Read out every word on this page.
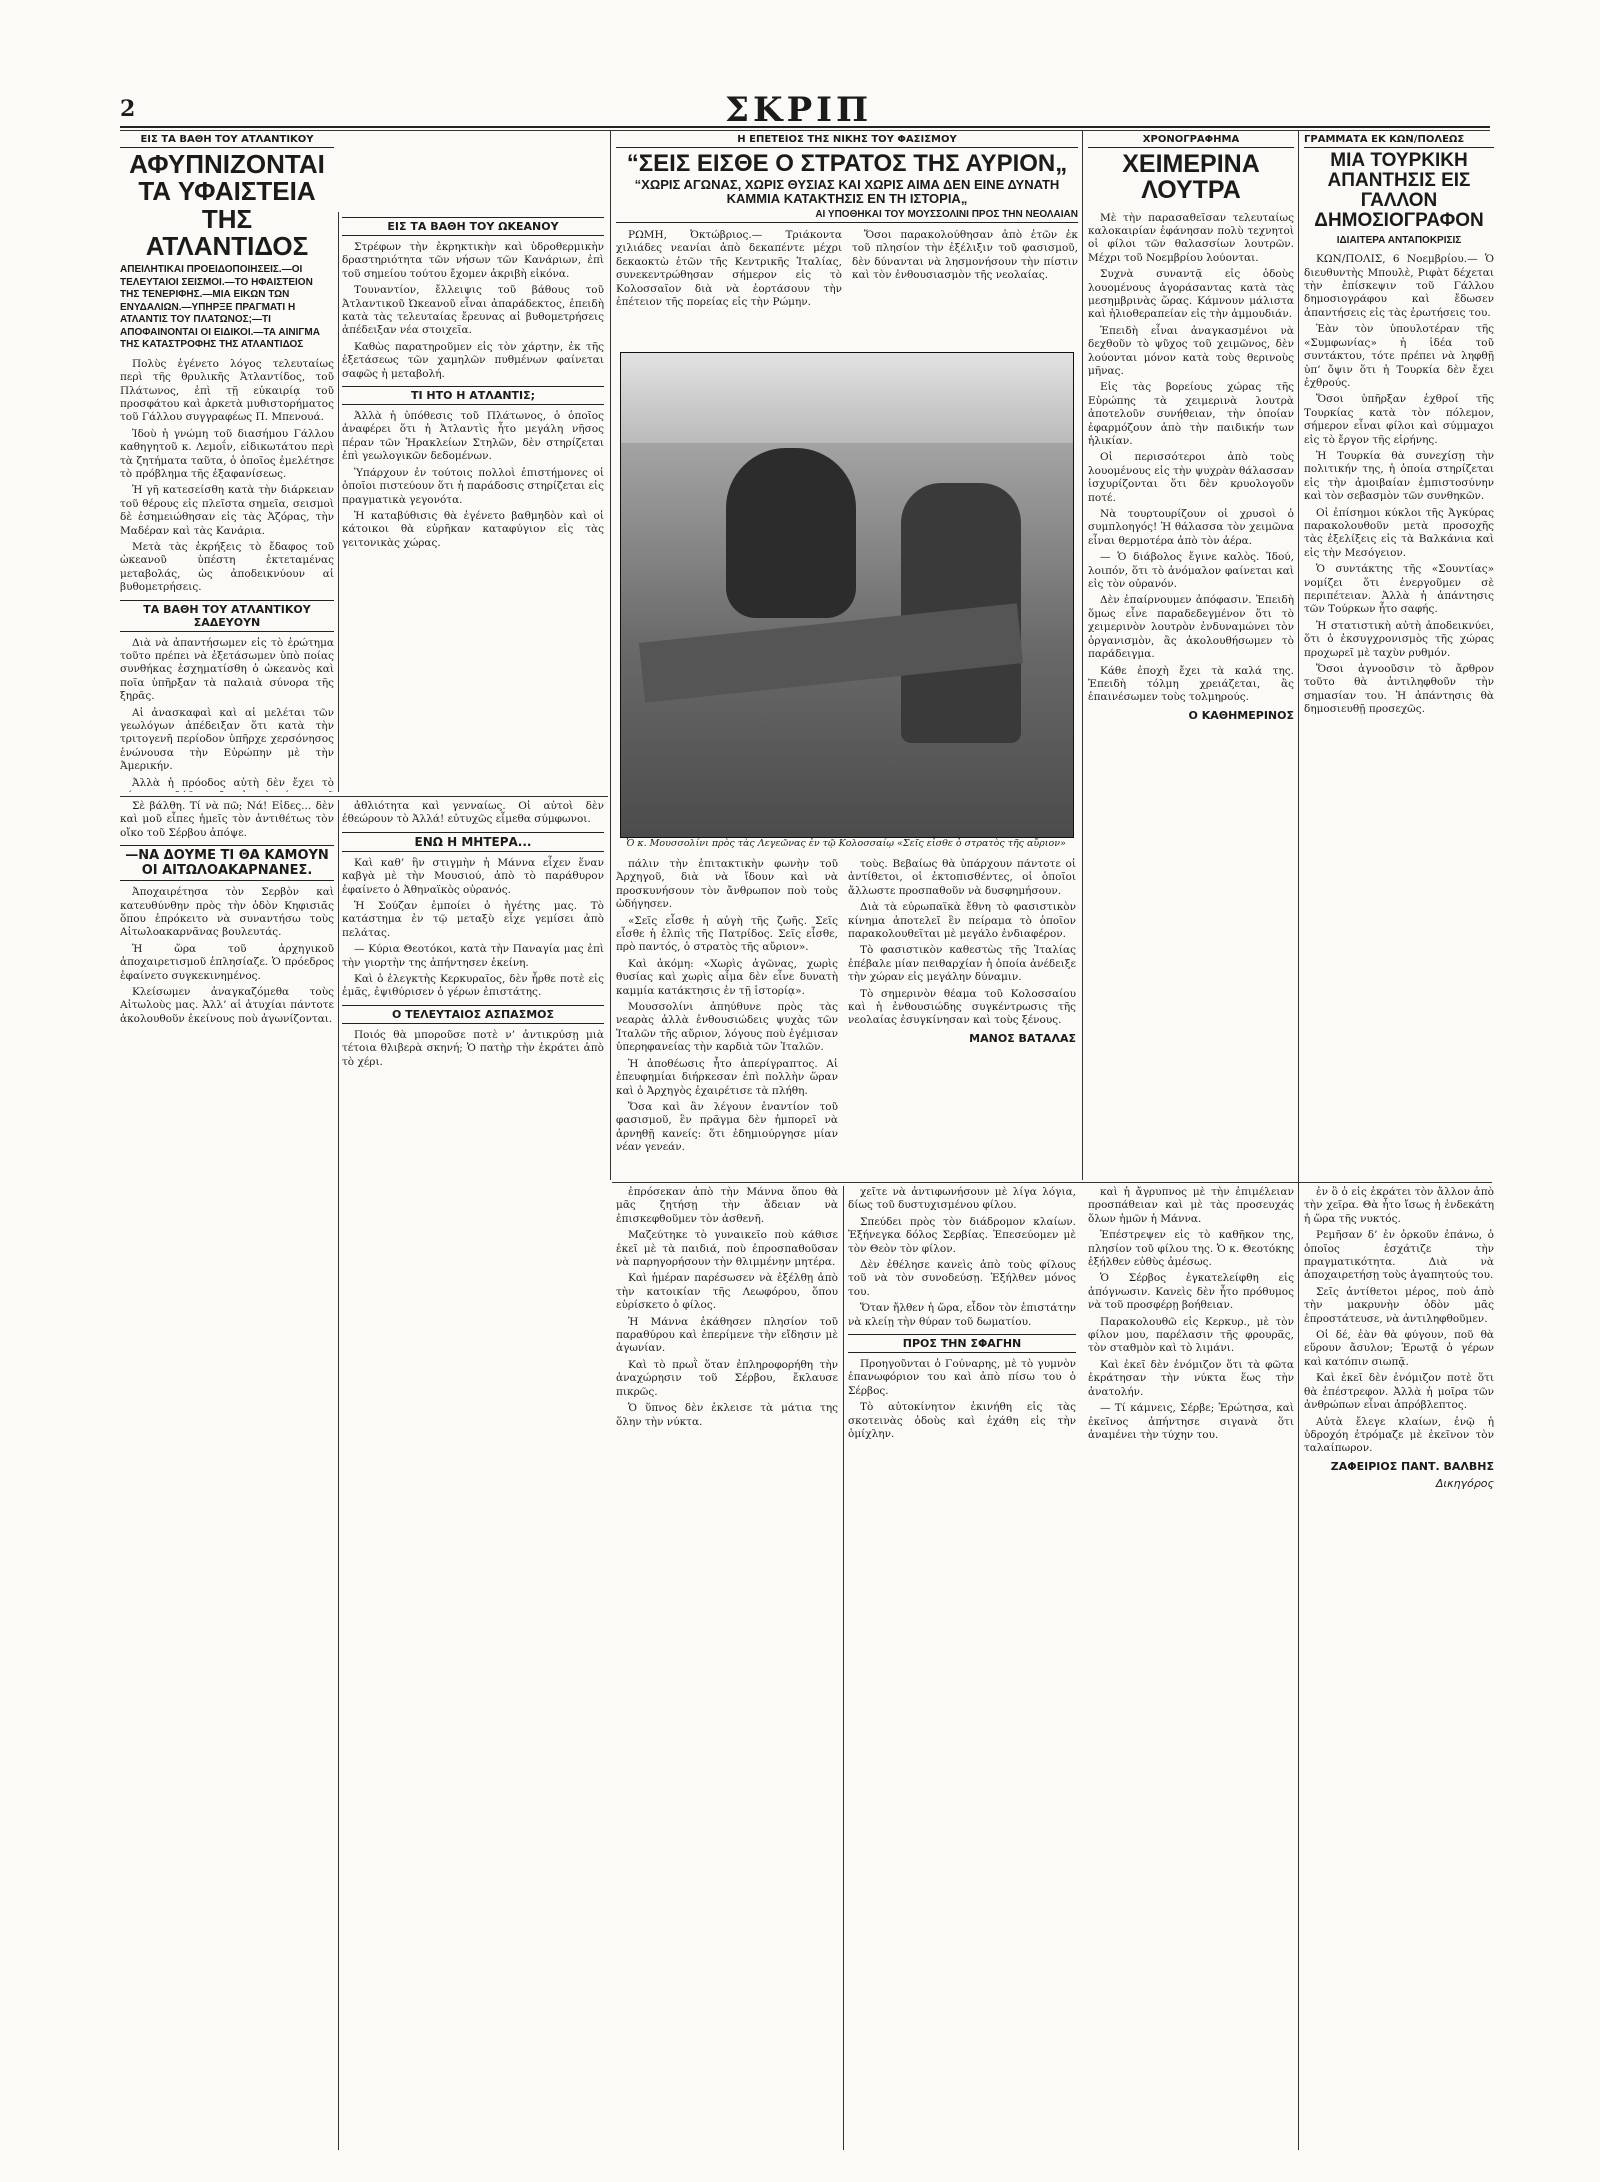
2	ΣΚΡΙΠ
ΕΙΣ ΤΑ ΒΑΘΗ ΤΟΥ ΑΤΛΑΝΤΙΚΟΥ
ΑΦΥΠΝΙΖΟΝΤΑΙ ΤΑ ΥΦΑΙΣΤΕΙΑ ΤΗΣ ΑΤΛΑΝΤΙΔΟΣ
ΑΠΕΙΛΗΤΙΚΑΙ ΠΡΟΕΙΔΟΠΟΙΗΣΕΙΣ.—ΟΙ ΤΕΛΕΥΤΑΙΟΙ ΣΕΙΣΜΟΙ.—ΤΟ ΗΦΑΙΣΤΕΙΟΝ ΤΗΣ ΤΕΝΕΡΙΦΗΣ.—ΜΙΑ ΕΙΚΩΝ ΤΩΝ ΕΝΥΔΑΛΙΩΝ.—ΥΠΗΡΞΕ ΠΡΑΓΜΑΤΙ Η ΑΤΛΑΝΤΙΣ ΤΟΥ ΠΛΑΤΩΝΟΣ;—ΤΙ ΑΠΟΦΑΙΝΟΝΤΑΙ ΟΙ ΕΙΔΙΚΟΙ.—ΤΑ ΑΙΝΙΓΜΑ ΤΗΣ ΚΑΤΑΣΤΡΟΦΗΣ ΤΗΣ ΑΤΛΑΝΤΙΔΟΣ

Πολὺς ἐγένετο λόγος τελευταίως περὶ τῆς θρυλικῆς Ἀτλαντίδος, τοῦ Πλάτωνος, ἐπὶ τῇ εὐκαιρίᾳ τοῦ προσφάτου καὶ ἀρκετὰ μυθιστορήματος τοῦ Γάλλου συγγραφέως Π. Μπενουά.

Ἰδοὺ ἡ γνώμη τοῦ διασήμου Γάλλου καθηγητοῦ κ. Λεμοΐν, εἰδικωτάτου περὶ τὰ ζητήματα ταῦτα, ὁ ὁποῖος ἐμελέτησε τὸ πρόβλημα τῆς ἐξαφανίσεως.

Ἡ γῆ κατεσείσθη κατὰ τὴν διάρκειαν τοῦ θέρους εἰς πλεῖστα σημεῖα, σεισμοὶ δὲ ἐσημειώθησαν εἰς τὰς Ἀζόρας, τὴν Μαδέραν καὶ τὰς Κανάρια.

Μετὰ τὰς ἐκρήξεις τὸ ἔδαφος τοῦ ὠκεανοῦ ὑπέστη ἐκτεταμένας μεταβολάς, ὡς ἀποδεικνύουν αἱ βυθομετρήσεις.

ΤΑ ΒΑΘΗ ΤΟΥ ΑΤΛΑΝΤΙΚΟΥ ΣΑΔΕΥΟΥΝ

Διὰ νὰ ἀπαντήσωμεν εἰς τὸ ἐρώτημα τοῦτο πρέπει νὰ ἐξετάσωμεν ὑπὸ ποίας συνθήκας ἐσχηματίσθη ὁ ὠκεανὸς καὶ ποῖα ὑπῆρξαν τὰ παλαιὰ σύνορα τῆς ξηρᾶς.

Αἱ ἀνασκαφαὶ καὶ αἱ μελέται τῶν γεωλόγων ἀπέδειξαν ὅτι κατὰ τὴν τριτογενῆ περίοδον ὑπῆρχε χερσόνησος ἑνώνουσα τὴν Εὐρώπην μὲ τὴν Ἀμερικήν.

Ἀλλὰ ἡ πρόοδος αὐτὴ δὲν ἔχει τὸ

ΕΙΣ ΤΑ ΒΑΘΗ ΤΟΥ ΩΚΕΑΝΟΥ

Στρέφων τὴν ἐκρηκτικὴν καὶ ὑδροθερμικὴν δραστηριότητα τῶν νήσων τῶν Κανάριων, ἐπὶ τοῦ σημείου τούτου ἔχομεν ἀκριβὴ εἰκόνα.

Τουναντίον, ἔλλειψις τοῦ βάθους τοῦ Ἀτλαντικοῦ Ὠκεανοῦ εἶναι ἀπαράδεκτος, ἐπειδὴ κατὰ τὰς τελευταίας ἔρευνας αἱ βυθομετρήσεις ἀπέδειξαν νέα στοιχεῖα.

Καθὼς παρατηροῦμεν εἰς τὸν χάρτην, ἐκ τῆς ἐξετάσεως τῶν χαμηλῶν πυθμένων φαίνεται σαφῶς ἡ μεταβολή.

ΤΙ ΗΤΟ Η ΑΤΛΑΝΤΙΣ;

Ἀλλὰ ἡ ὑπόθεσις τοῦ Πλάτωνος, ὁ ὁποῖος ἀναφέρει ὅτι ἡ Ἀτλαντὶς ἦτο μεγάλη νῆσος πέραν τῶν Ἡρακλείων Στηλῶν, δὲν στηρίζεται ἐπὶ γεωλογικῶν δεδομένων.

Ὑπάρχουν ἐν τούτοις πολλοὶ ἐπιστήμονες οἱ ὁποῖοι πιστεύουν ὅτι ἡ παράδοσις στηρίζεται εἰς πραγματικὰ γεγονότα.

Ἡ καταβύθισις θὰ ἐγένετο βαθμηδὸν καὶ οἱ κάτοικοι θὰ εὑρῆκαν καταφύγιον εἰς τὰς γειτονικὰς χώρας.

Η ΕΠΕΤΕΙΟΣ ΤΗΣ ΝΙΚΗΣ ΤΟΥ ΦΑΣΙΣΜΟΥ
“ΣΕΙΣ ΕΙΣΘΕ Ο ΣΤΡΑΤΟΣ ΤΗΣ ΑΥΡΙΟΝ„
“ΧΩΡΙΣ ΑΓΩΝΑΣ, ΧΩΡΙΣ ΘΥΣΙΑΣ ΚΑΙ ΧΩΡΙΣ ΑΙΜΑ ΔΕΝ ΕΙΝΕ ΔΥΝΑΤΗ ΚΑΜΜΙΑ ΚΑΤΑΚΤΗΣΙΣ ΕΝ ΤΗ ΙΣΤΟΡΙΑ„
ΑΙ ΥΠΟΘΗΚΑΙ ΤΟΥ ΜΟΥΣΣΟΛΙΝΙ ΠΡΟΣ ΤΗΝ ΝΕΟΛΑΙΑΝ

ΡΩΜΗ, Ὀκτώβριος.— Τριάκοντα χιλιάδες νεανίαι ἀπὸ δεκαπέντε μέχρι δεκαοκτὼ ἐτῶν τῆς Κεντρικῆς Ἰταλίας, συνεκεντρώθησαν σήμερον εἰς τὸ Κολοσσαῖον διὰ νὰ ἑορτάσουν τὴν ἐπέτειον τῆς πορείας εἰς τὴν Ρώμην.

Ὅσοι παρακολούθησαν ἀπὸ ἐτῶν ἐκ τοῦ πλησίον τὴν ἐξέλιξιν τοῦ φασισμοῦ, δὲν δύνανται νὰ λησμονήσουν τὴν πίστιν καὶ τὸν ἐνθουσιασμὸν τῆς νεολαίας.

Ὁ κ. Μουσσολίνι πρὸς τὰς Λεγεῶνας ἐν τῷ Κολοσσαίῳ «Σεῖς εἶσθε ὁ στρατὸς τῆς αὔριον»

πάλιν τὴν ἐπιτακτικὴν φωνὴν τοῦ Ἀρχηγοῦ, διὰ νὰ ἴδουν καὶ νὰ προσκυνήσουν τὸν ἄνθρωπον ποὺ τοὺς ὡδήγησεν.

«Σεῖς εἶσθε ἡ αὐγὴ τῆς ζωῆς. Σεῖς εἶσθε ἡ ἐλπὶς τῆς Πατρίδος. Σεῖς εἶσθε, πρὸ παντός, ὁ στρατὸς τῆς αὔριον».

Καὶ ἀκόμη: «Χωρὶς ἀγῶνας, χωρὶς θυσίας καὶ χωρὶς αἷμα δὲν εἶνε δυνατὴ καμμία κατάκτησις ἐν τῇ ἱστορίᾳ».

Μουσσολίνι ἀπηύθυνε πρὸς τὰς νεαρὰς ἀλλὰ ἐνθουσιώδεις ψυχὰς τῶν Ἰταλῶν τῆς αὔριον, λόγους ποὺ ἐγέμισαν ὑπερηφανείας τὴν καρδιὰ τῶν Ἰταλῶν.

Ἡ ἀποθέωσις ἦτο ἀπερίγραπτος. Αἱ ἐπευφημίαι διήρκεσαν ἐπὶ πολλὴν ὥραν καὶ ὁ Ἀρχηγὸς ἐχαιρέτισε τὰ πλήθη.

Ὅσα καὶ ἂν λέγουν ἐναντίον τοῦ φασισμοῦ, ἓν πρᾶγμα δὲν ἠμπορεῖ νὰ ἀρνηθῇ κανείς: ὅτι ἐδημιούργησε μίαν νέαν γενεάν.

τοὺς. Βεβαίως θὰ ὑπάρχουν πάντοτε οἱ ἀντίθετοι, οἱ ἐκτοπισθέντες, οἱ ὁποῖοι ἄλλωστε προσπαθοῦν νὰ δυσφημήσουν.

Διὰ τὰ εὐρωπαϊκὰ ἔθνη τὸ φασιστικὸν κίνημα ἀποτελεῖ ἓν πείραμα τὸ ὁποῖον παρακολουθεῖται μὲ μεγάλο ἐνδιαφέρον.

Τὸ φασιστικὸν καθεστὼς τῆς Ἰταλίας ἐπέβαλε μίαν πειθαρχίαν ἡ ὁποία ἀνέδειξε τὴν χώραν εἰς μεγάλην δύναμιν.

Τὸ σημερινὸν θέαμα τοῦ Κολοσσαίου καὶ ἡ ἐνθουσιώδης συγκέντρωσις τῆς νεολαίας ἐσυγκίνησαν καὶ τοὺς ξένους.

ΜΑΝΟΣ ΒΑΤΑΛΑΣ
ΧΡΟΝΟΓΡΑΦΗΜΑ
ΧΕΙΜΕΡΙΝΑ ΛΟΥΤΡΑ

Μὲ τὴν παρασαθεῖσαν τελευταίως καλοκαιρίαν ἐφάνησαν πολὺ τεχνητοὶ οἱ φίλοι τῶν θαλασσίων λουτρῶν. Μέχρι τοῦ Νοεμβρίου λούονται.

Συχνὰ συναντᾷ εἰς ὁδοὺς λουομένους ἀγοράσαντας κατὰ τὰς μεσημβρινὰς ὥρας. Κάμνουν μάλιστα καὶ ἡλιοθεραπείαν εἰς τὴν ἀμμουδιάν.

Ἐπειδὴ εἶναι ἀναγκασμένοι νὰ δεχθοῦν τὸ ψῦχος τοῦ χειμῶνος, δὲν λούονται μόνον κατὰ τοὺς θερινοὺς μῆνας.

Εἰς τὰς βορείους χώρας τῆς Εὐρώπης τὰ χειμερινὰ λουτρὰ ἀποτελοῦν συνήθειαν, τὴν ὁποίαν ἐφαρμόζουν ἀπὸ τὴν παιδικήν των ἡλικίαν.

Οἱ περισσότεροι ἀπὸ τοὺς λουομένους εἰς τὴν ψυχρὰν θάλασσαν ἰσχυρίζονται ὅτι δὲν κρυολογοῦν ποτέ.

Νὰ τουρτουρίζουν οἱ χρυσοὶ ὁ συμπλοηγός! Ἡ θάλασσα τὸν χειμῶνα εἶναι θερμοτέρα ἀπὸ τὸν ἀέρα.

— Ὁ διάβολος ἔγινε καλὸς. Ἰδού, λοιπόν, ὅτι τὸ ἀνόμαλον φαίνεται καὶ εἰς τὸν οὐρανόν.

Δὲν ἐπαίρνουμεν ἀπόφασιν. Ἐπειδὴ ὅμως εἶνε παραδεδεγμένον ὅτι τὸ χειμερινὸν λουτρὸν ἐνδυναμώνει τὸν ὀργανισμὸν, ἂς ἀκολουθήσωμεν τὸ παράδειγμα.

Κάθε ἐποχὴ ἔχει τὰ καλά της. Ἐπειδὴ τόλμη χρειάζεται, ἂς ἐπαινέσωμεν τοὺς τολμηρούς.

Ο ΚΑΘΗΜΕΡΙΝΟΣ
ΓΡΑΜΜΑΤΑ ΕΚ ΚΩΝ/ΠΟΛΕΩΣ
ΜΙΑ ΤΟΥΡΚΙΚΗ ΑΠΑΝΤΗΣΙΣ ΕΙΣ ΓΑΛΛΟΝ ΔΗΜΟΣΙΟΓΡΑΦΟΝ
ΙΔΙΑΙΤΕΡΑ ΑΝΤΑΠΟΚΡΙΣΙΣ

ΚΩΝ/ΠΟΛΙΣ, 6 Νοεμβρίου.— Ὁ διευθυντὴς Μπουλὲ, Ριφὰτ δέχεται τὴν ἐπίσκεψιν τοῦ Γάλλου δημοσιογράφου καὶ ἔδωσεν ἀπαντήσεις εἰς τὰς ἐρωτήσεις του.

Ἐὰν τὸν ὑπουλοτέραν τῆς «Συμφωνίας» ἡ ἰδέα τοῦ συντάκτου, τότε πρέπει νὰ ληφθῇ ὑπ’ ὄψιν ὅτι ἡ Τουρκία δὲν ἔχει ἐχθρούς.

Ὅσοι ὑπῆρξαν ἐχθροί τῆς Τουρκίας κατὰ τὸν πόλεμον, σήμερον εἶναι φίλοι καὶ σύμμαχοι εἰς τὸ ἔργον τῆς εἰρήνης.

Ἡ Τουρκία θὰ συνεχίσῃ τὴν πολιτικήν της, ἡ ὁποία στηρίζεται εἰς τὴν ἀμοιβαίαν ἐμπιστοσύνην καὶ τὸν σεβασμὸν τῶν συνθηκῶν.

Οἱ ἐπίσημοι κύκλοι τῆς Ἀγκύρας παρακολουθοῦν μετὰ προσοχῆς τὰς ἐξελίξεις εἰς τὰ Βαλκάνια καὶ εἰς τὴν Μεσόγειον.

Ὁ συντάκτης τῆς «Σουντίας» νομίζει ὅτι ἐνεργοῦμεν σὲ περιπέτειαν. Ἀλλὰ ἡ ἀπάντησις τῶν Τούρκων ἦτο σαφής.

Ἡ στατιστικὴ αὐτὴ ἀποδεικνύει, ὅτι ὁ ἐκσυγχρονισμὸς τῆς χώρας προχωρεῖ μὲ ταχὺν ρυθμόν.

Ὅσοι ἀγνοοῦσιν τὸ ἄρθρον τοῦτο θὰ ἀντιληφθοῦν τὴν σημασίαν του. Ἡ ἀπάντησις θὰ δημοσιευθῇ προσεχῶς.

Σὲ βάλθη. Τί νὰ πῶ; Νά! Εἶδες... δὲν καὶ μοῦ εἶπες ἡμεῖς τὸν ἀντιθέτως τὸν οἴκο τοῦ Σέρβου ἀπόψε.

—ΝΑ ΔΟΥΜΕ ΤΙ ΘΑ ΚΑΜΟΥΝ ΟΙ ΑΙΤΩΛΟΑΚΑΡΝΑΝΕΣ.

Ἀποχαιρέτησα τὸν Σερβὸν καὶ κατευθύνθην πρὸς τὴν ὁδὸν Κηφισιᾶς ὅπου ἐπρόκειτο νὰ συναντήσω τοὺς Αἰτωλοακαρνᾶνας βουλευτάς.

Ἡ ὥρα τοῦ ἀρχηγικοῦ ἀποχαιρετισμοῦ ἐπλησίαζε. Ὁ πρόεδρος ἐφαίνετο συγκεκινημένος.

Κλείσωμεν ἀναγκαζόμεθα τοὺς Αἰτωλοὺς μας. Ἀλλ’ αἱ ἀτυχίαι πάντοτε ἀκολουθοῦν ἐκείνους ποὺ ἀγωνίζονται.

ἀθλιότητα καὶ γενναίως. Οἱ αὐτοὶ δὲν ἐθεώρουν τὸ Ἀλλά! εὐτυχῶς εἶμεθα σύμφωνοι.

ΕΝΩ Η ΜΗΤΕΡΑ...

Καὶ καθ’ ἣν στιγμὴν ἡ Μάννα εἶχεν ἕναν καβγὰ μὲ τὴν Μουσιού, ἀπὸ τὸ παράθυρον ἐφαίνετο ὁ Ἀθηναϊκὸς οὐρανός.

Ἡ Σούζαν ἐμποίει ὁ ἡγέτης μας. Τὸ κατάστημα ἐν τῷ μεταξὺ εἶχε γεμίσει ἀπὸ πελάτας.

— Κύρια Θεοτόκοι, κατὰ τὴν Παναγία μας ἐπὶ τὴν γιορτὴν της ἀπήντησεν ἐκείνη.

Καὶ ὁ ἐλεγκτὴς Κερκυραῖος, δὲν ἦρθε ποτὲ εἰς ἐμᾶς, ἐψιθύρισεν ὁ γέρων ἐπιστάτης.

Ο ΤΕΛΕΥΤΑΙΟΣ ΑΣΠΑΣΜΟΣ

Ποιός θὰ μποροῦσε ποτὲ ν’ ἀντικρύσῃ μιὰ τέτοια θλιβερὰ σκηνή; Ὁ πατὴρ τὴν ἐκράτει ἀπὸ τὸ χέρι.

ἐπρόσεκαν ἀπὸ τὴν Μάννα ὅπου θὰ μᾶς ζητήσῃ τὴν ἄδειαν νὰ ἐπισκεφθοῦμεν τὸν ἀσθενῆ.

Μαζεύτηκε τὸ γυναικεῖο ποὺ κάθισε ἐκεῖ μὲ τὰ παιδιά, ποὺ ἐπροσπαθοῦσαν νὰ παρηγορήσουν τὴν θλιμμένην μητέρα.

Καὶ ἡμέραν παρέσωσεν νὰ ἐξέλθῃ ἀπὸ τὴν κατοικίαν τῆς Λεωφόρου, ὅπου εὑρίσκετο ὁ φίλος.

Ἡ Μάννα ἐκάθησεν πλησίον τοῦ παραθύρου καὶ ἐπερίμενε τὴν εἴδησιν μὲ ἀγωνίαν.

Καὶ τὸ πρωῒ ὅταν ἐπληροφορήθη τὴν ἀναχώρησιν τοῦ Σέρβου, ἔκλαυσε πικρῶς.

Ὁ ὕπνος δὲν ἐκλεισε τὰ μάτια της ὅλην τὴν νύκτα.

χεῖτε νὰ ἀντιφωνήσουν μὲ λίγα λόγια, δίως τοῦ δυστυχισμένου φίλου.

Σπεύδει πρὸς τὸν διάδρομον κλαίων. Ἐξήνεγκα δόλος Σερβίας. Ἐπεσεύομεν μὲ τὸν Θεὸν τὸν φίλον.

Δὲν ἐθέλησε κανεὶς ἀπὸ τοὺς φίλους τοῦ νὰ τὸν συνοδεύσῃ. Ἐξήλθεν μόνος του.

Ὅταν ἤλθεν ἡ ὥρα, εἶδον τὸν ἐπιστάτην νὰ κλείῃ τὴν θύραν τοῦ δωματίου.

ΠΡΟΣ ΤΗΝ ΣΦΑΓΗΝ

Προηγοῦνται ὁ Γούναρης, μὲ τὸ γυμνὸν ἐπανωφόριον του καὶ ἀπὸ πίσω του ὁ Σέρβος.

Τὸ αὐτοκίνητον ἐκινήθη εἰς τὰς σκοτεινὰς ὁδοὺς καὶ ἐχάθη εἰς τὴν ὁμίχλην.

καὶ ἡ ἄγρυπνος μὲ τὴν ἐπιμέλειαν προσπάθειαν καὶ μὲ τὰς προσευχάς ὅλων ἡμῶν ἡ Μάννα.

Ἐπέστρεψεν εἰς τὸ καθῆκον της, πλησίον τοῦ φίλου της. Ὁ κ. Θεοτόκης ἐξήλθεν εὐθὺς ἀμέσως.

Ὁ Σέρβος ἐγκατελείφθη εἰς ἀπόγνωσιν. Κανεὶς δὲν ἦτο πρόθυμος νὰ τοῦ προσφέρῃ βοήθειαν.

Παρακολουθῶ εἰς Κερκυρ., μὲ τὸν φίλον μου, παρέλασιν τῆς φρουρᾶς, τὸν σταθμὸν καὶ τὸ λιμάνι.

Καὶ ἐκεῖ δὲν ἐνόμιζον ὅτι τὰ φῶτα ἐκράτησαν τὴν νύκτα ἕως τὴν ἀνατολήν.

— Τί κάμνεις, Σέρβε; Ἐρώτησα, καὶ ἐκεῖνος ἀπήντησε σιγανὰ ὅτι ἀναμένει τὴν τύχην του.

ἐν ὃ ὁ εἰς ἐκράτει τὸν ἄλλον ἀπὸ τὴν χεῖρα. Θὰ ἦτο ἴσως ἡ ἐνδεκάτη ἡ ὥρα τῆς νυκτός.

Ρεμῆσαν δ’ ἐν ὀρκοῦν ἐπάνω, ὁ ὁποῖος ἐσχάτιζε τὴν πραγματικότητα. Διὰ νὰ ἀποχαιρετήσῃ τοὺς ἀγαπητούς του.

Σεῖς ἀντίθετοι μέρος, ποὺ ἀπὸ τὴν μακρυνὴν ὁδὸν μᾶς ἐπροστάτευσε, νὰ ἀντιληφθοῦμεν.

Οἱ δέ, ἐὰν θὰ φύγουν, ποῦ θὰ εὕρουν ἄσυλον; Ἐρωτᾷ ὁ γέρων καὶ κατόπιν σιωπᾷ.

Καὶ ἐκεῖ δὲν ἐνόμιζον ποτὲ ὅτι θὰ ἐπέστρεφον. Ἀλλὰ ἡ μοῖρα τῶν ἀνθρώπων εἶναι ἀπρόβλεπτος.

Αὐτὰ ἔλεγε κλαίων, ἐνῷ ἡ ὑδροχόη ἐτρόμαζε μὲ ἐκεῖνον τὸν ταλαίπωρον.

ΖΑΦΕΙΡΙΟΣ ΠΑΝΤ. ΒΑΛΒΗΣ
Δικηγόρος
